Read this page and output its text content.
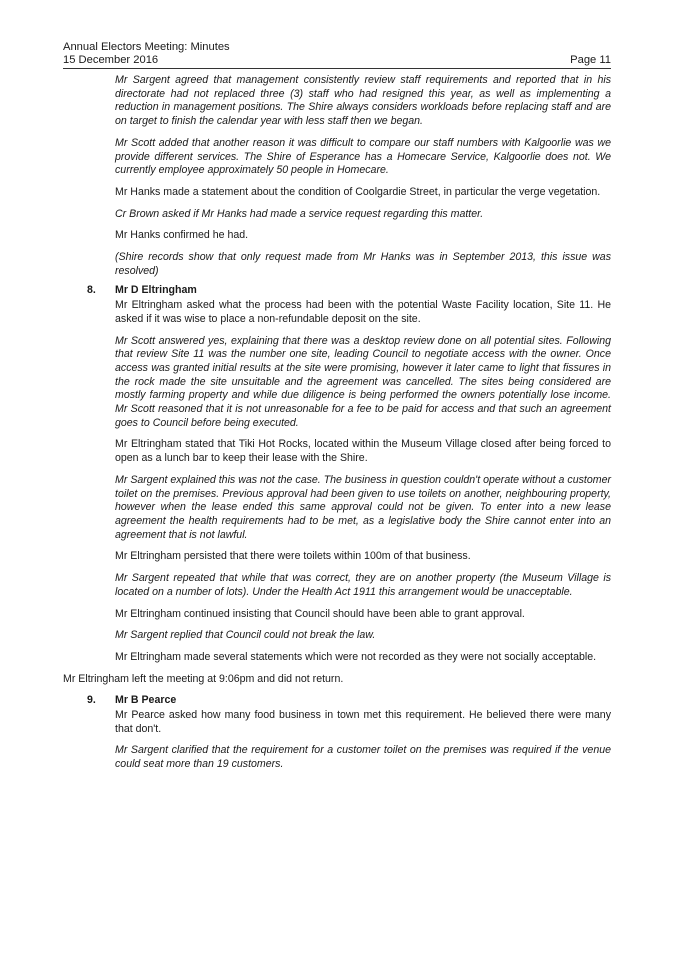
Annual Electors Meeting: Minutes
15 December 2016	Page 11

Mr Sargent agreed that management consistently review staff requirements and reported that in his directorate had not replaced three (3) staff who had resigned this year, as well as implementing a reduction in management positions. The Shire always considers workloads before replacing staff and are on target to finish the calendar year with less staff then we began.

Mr Scott added that another reason it was difficult to compare our staff numbers with Kalgoorlie was we provide different services. The Shire of Esperance has a Homecare Service, Kalgoorlie does not. We currently employee approximately 50 people in Homecare.

Mr Hanks made a statement about the condition of Coolgardie Street, in particular the verge vegetation.

Cr Brown asked if Mr Hanks had made a service request regarding this matter.

Mr Hanks confirmed he had.

(Shire records show that only request made from Mr Hanks was in September 2013, this issue was resolved)

8.	Mr D Eltringham

Mr Eltringham asked what the process had been with the potential Waste Facility location, Site 11. He asked if it was wise to place a non-refundable deposit on the site.

Mr Scott answered yes, explaining that there was a desktop review done on all potential sites. Following that review Site 11 was the number one site, leading Council to negotiate access with the owner. Once access was granted initial results at the site were promising, however it later came to light that fissures in the rock made the site unsuitable and the agreement was cancelled. The sites being considered are mostly farming property and while due diligence is being performed the owners potentially lose income. Mr Scott reasoned that it is not unreasonable for a fee to be paid for access and that such an agreement goes to Council before being executed.

Mr Eltringham stated that Tiki Hot Rocks, located within the Museum Village closed after being forced to open as a lunch bar to keep their lease with the Shire.

Mr Sargent explained this was not the case. The business in question couldn't operate without a customer toilet on the premises. Previous approval had been given to use toilets on another, neighbouring property, however when the lease ended this same approval could not be given. To enter into a new lease agreement the health requirements had to be met, as a legislative body the Shire cannot enter into an agreement that is not lawful.

Mr Eltringham persisted that there were toilets within 100m of that business.

Mr Sargent repeated that while that was correct, they are on another property (the Museum Village is located on a number of lots). Under the Health Act 1911 this arrangement would be unacceptable.

Mr Eltringham continued insisting that Council should have been able to grant approval.

Mr Sargent replied that Council could not break the law.

Mr Eltringham made several statements which were not recorded as they were not socially acceptable.

Mr Eltringham left the meeting at 9:06pm and did not return.

9.	Mr B Pearce

Mr Pearce asked how many food business in town met this requirement. He believed there were many that don't.

Mr Sargent clarified that the requirement for a customer toilet on the premises was required if the venue could seat more than 19 customers.
